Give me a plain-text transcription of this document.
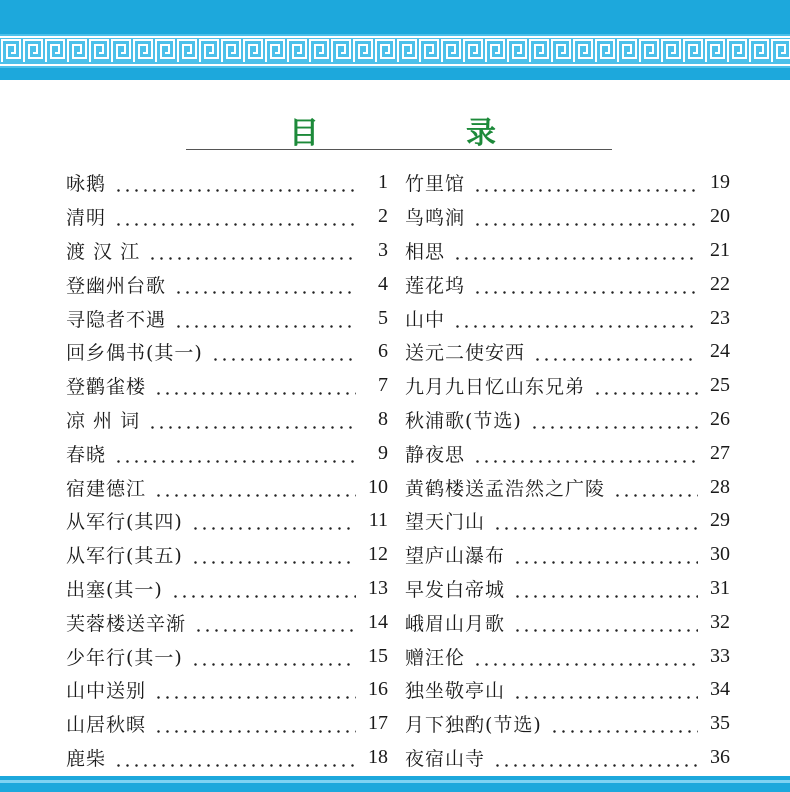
目	录
咏鹅	1
清明	2
渡 汉 江	3
登幽州台歌	4
寻隐者不遇	5
回乡偶书(其一)	6
登鹳雀楼	7
凉 州 词	8
春晓	9
宿建德江	10
从军行(其四)	11
从军行(其五)	12
出塞(其一)	13
芙蓉楼送辛渐	14
少年行(其一)	15
山中送别	16
山居秋暝	17
鹿柴	18
竹里馆	19
鸟鸣涧	20
相思	21
莲花坞	22
山中	23
送元二使安西	24
九月九日忆山东兄弟	25
秋浦歌(节选)	26
静夜思	27
黄鹤楼送孟浩然之广陵	28
望天门山	29
望庐山瀑布	30
早发白帝城	31
峨眉山月歌	32
赠汪伦	33
独坐敬亭山	34
月下独酌(节选)	35
夜宿山寺	36
